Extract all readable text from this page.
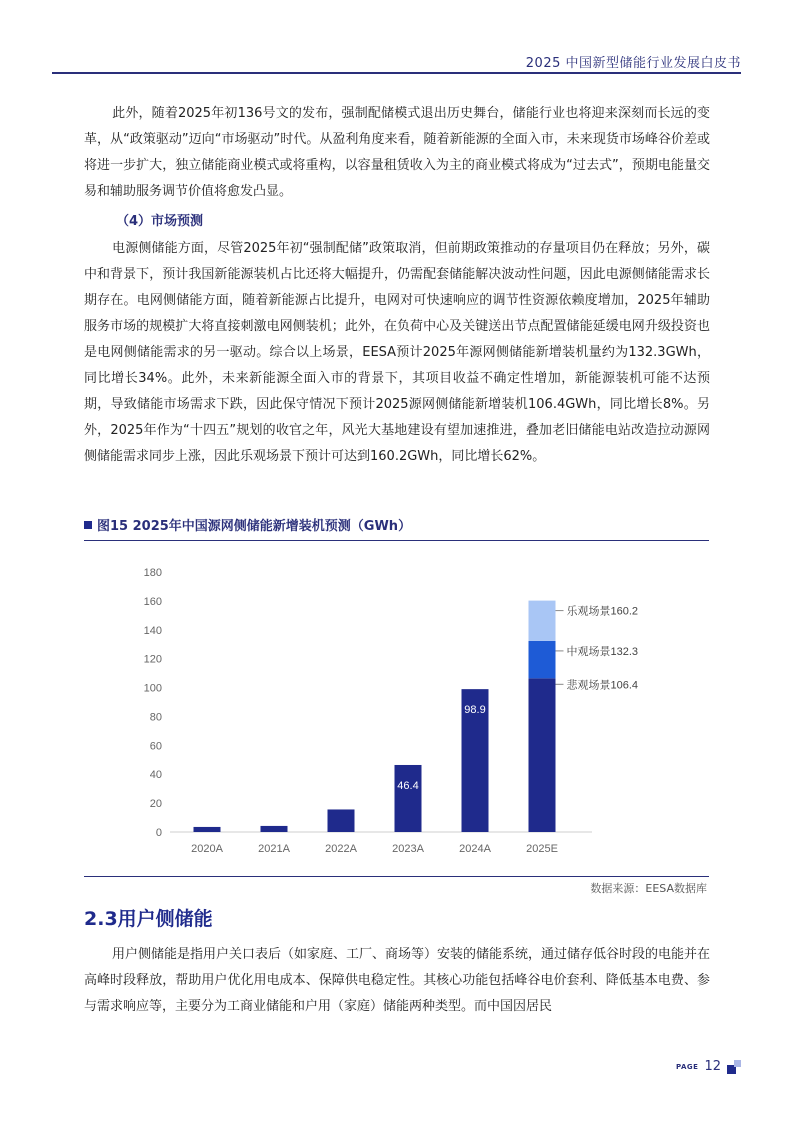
2025 中国新型储能行业发展白皮书

此外，随着2025年初136号文的发布，强制配储模式退出历史舞台，储能行业也将迎来深刻而长远的变革，从“政策驱动”迈向“市场驱动”时代。从盈利角度来看，随着新能源的全面入市，未来现货市场峰谷价差或将进一步扩大，独立储能商业模式或将重构，以容量租赁收入为主的商业模式将成为“过去式”，预期电能量交易和辅助服务调节价值将愈发凸显。

（4）市场预测

电源侧储能方面，尽管2025年初“强制配储”政策取消，但前期政策推动的存量项目仍在释放；另外，碳中和背景下，预计我国新能源装机占比还将大幅提升，仍需配套储能解决波动性问题，因此电源侧储能需求长期存在。电网侧储能方面，随着新能源占比提升，电网对可快速响应的调节性资源依赖度增加，2025年辅助服务市场的规模扩大将直接刺激电网侧装机；此外，在负荷中心及关键送出节点配置储能延缓电网升级投资也是电网侧储能需求的另一驱动。综合以上场景，EESA预计2025年源网侧储能新增装机量约为132.3GWh，同比增长34%。此外，未来新能源全面入市的背景下，其项目收益不确定性增加，新能源装机可能不达预期，导致储能市场需求下跌，因此保守情况下预计2025源网侧储能新增装机106.4GWh，同比增长8%。另外，2025年作为“十四五”规划的收官之年，风光大基地建设有望加速推进，叠加老旧储能电站改造拉动源网侧储能需求同步上涨，因此乐观场景下预计可达到160.2GWh，同比增长62%。

图15 2025年中国源网侧储能新增装机预测（GWh）
0
20
40
60
80
100
120
140
160
180
2020A	2021A	2022A
46.4
2023A
98.9
2024A
悲观场景106.4
中观场景132.3
乐观场景160.2
2025E
数据来源：EESA数据库
2.3用户侧储能

用户侧储能是指用户关口表后（如家庭、工厂、商场等）安装的储能系统，通过储存低谷时段的电能并在高峰时段释放，帮助用户优化用电成本、保障供电稳定性。其核心功能包括峰谷电价套利、降低基本电费、参与需求响应等，主要分为工商业储能和户用（家庭）储能两种类型。而中国因居民

PAGE 12
